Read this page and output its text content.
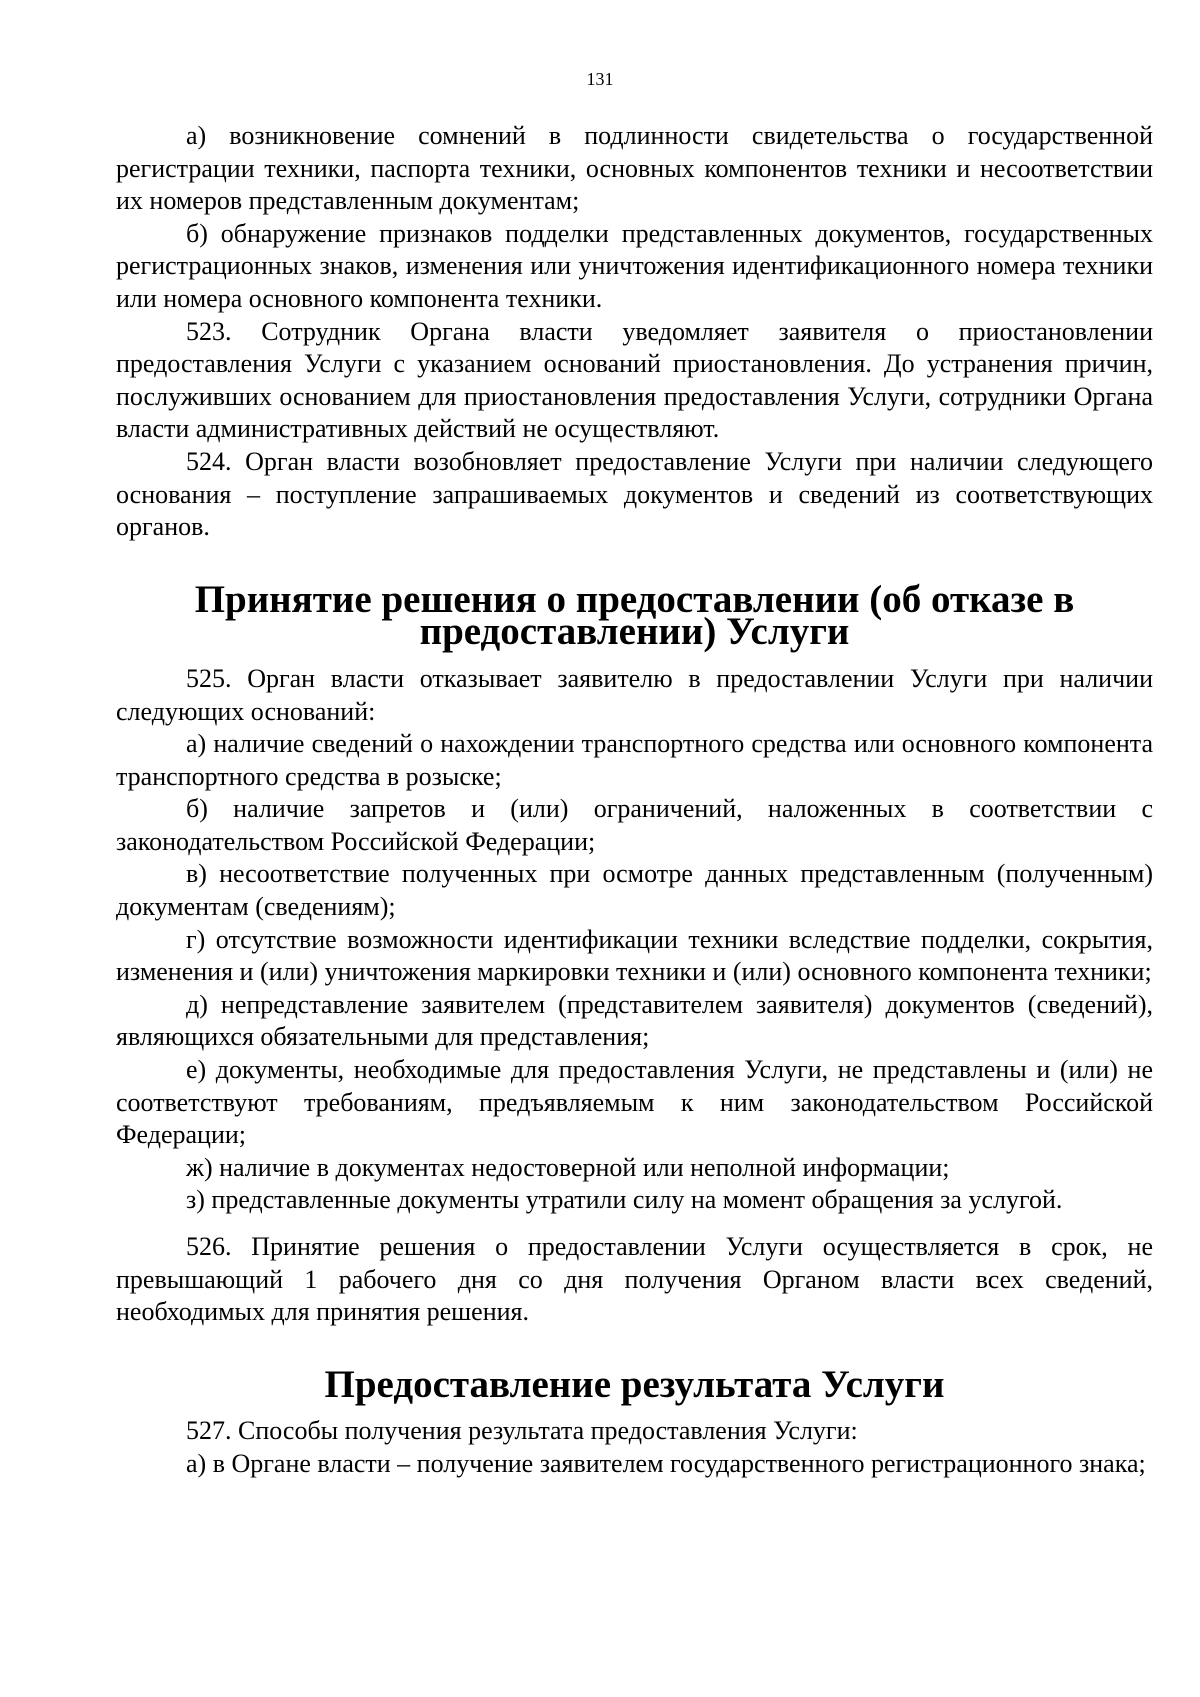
131

а) возникновение сомнений в подлинности свидетельства о государственной регистрации техники, паспорта техники, основных компонентов техники и несоответствии их номеров представленным документам;

б) обнаружение признаков подделки представленных документов, государственных регистрационных знаков, изменения или уничтожения идентификационного номера техники или номера основного компонента техники.

523. Сотрудник Органа власти уведомляет заявителя о приостановлении предоставления Услуги с указанием оснований приостановления. До устранения причин, послуживших основанием для приостановления предоставления Услуги, сотрудники Органа власти административных действий не осуществляют.

524. Орган власти возобновляет предоставление Услуги при наличии следующего основания – поступление запрашиваемых документов и сведений из соответствующих органов.

Принятие решения о предоставлении (об отказе в предоставлении) Услуги

525. Орган власти отказывает заявителю в предоставлении Услуги при наличии следующих оснований:

а) наличие сведений о нахождении транспортного средства или основного компонента транспортного средства в розыске;

б) наличие запретов и (или) ограничений, наложенных в соответствии с законодательством Российской Федерации;

в) несоответствие полученных при осмотре данных представленным (полученным) документам (сведениям);

г) отсутствие возможности идентификации техники вследствие подделки, сокрытия, изменения и (или) уничтожения маркировки техники и (или) основного компонента техники;

д) непредставление заявителем (представителем заявителя) документов (сведений), являющихся обязательными для представления;

е) документы, необходимые для предоставления Услуги, не представлены и (или) не соответствуют требованиям, предъявляемым к ним законодательством Российской Федерации;

ж) наличие в документах недостоверной или неполной информации;

з) представленные документы утратили силу на момент обращения за услугой.

526. Принятие решения о предоставлении Услуги осуществляется в срок, не превышающий 1 рабочего дня со дня получения Органом власти всех сведений, необходимых для принятия решения.

Предоставление результата Услуги

527. Способы получения результата предоставления Услуги:

а) в Органе власти – получение заявителем государственного регистрационного знака;
